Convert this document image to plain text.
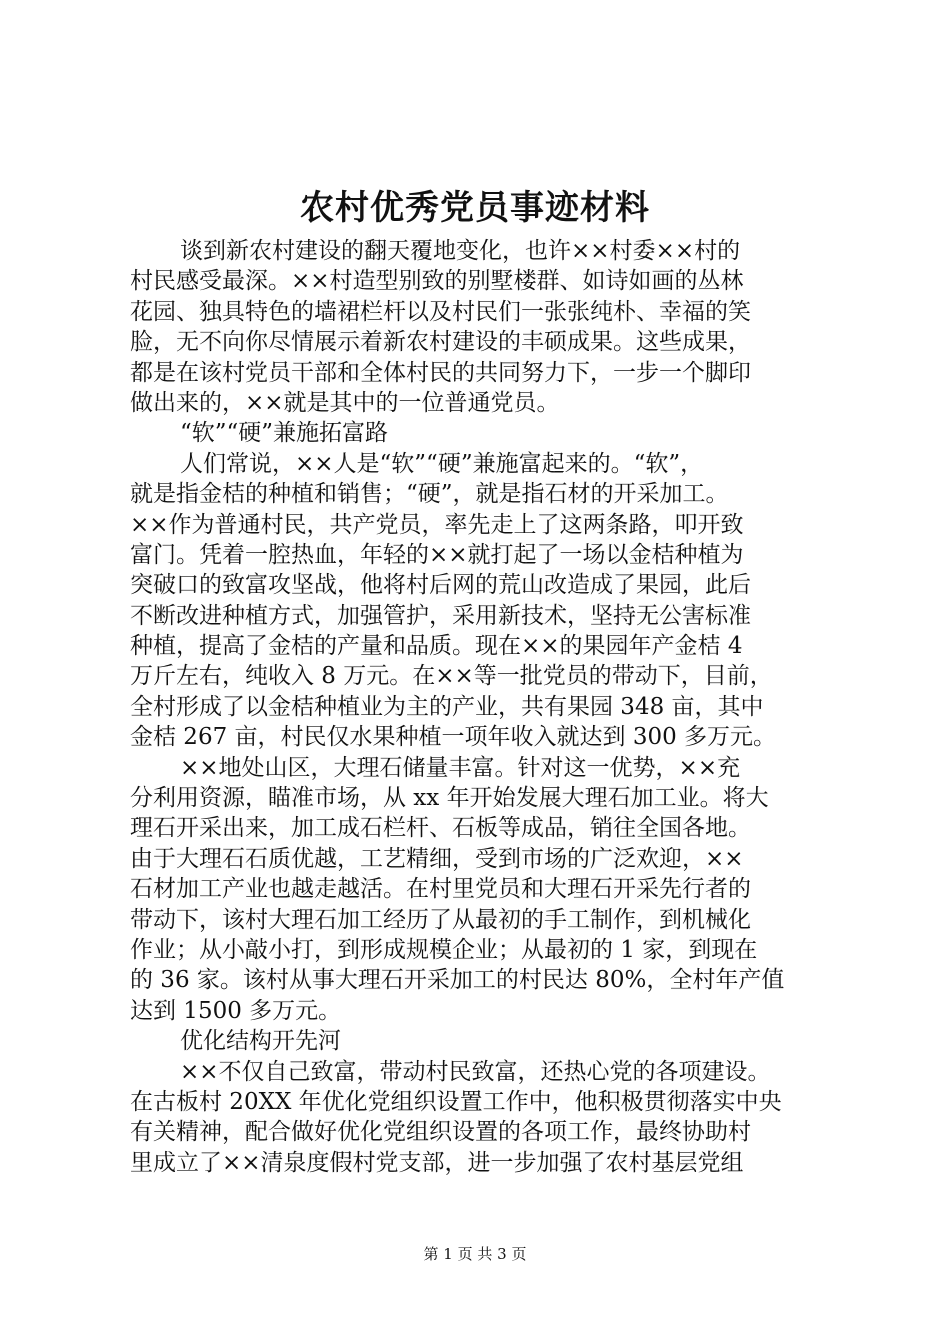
农村优秀党员事迹材料
谈到新农村建设的翻天覆地变化，也许××村委××村的
村民感受最深。××村造型别致的别墅楼群、如诗如画的丛林
花园、独具特色的墙裙栏杆以及村民们一张张纯朴、幸福的笑
脸，无不向你尽情展示着新农村建设的丰硕成果。这些成果，
都是在该村党员干部和全体村民的共同努力下，一步一个脚印
做出来的，××就是其中的一位普通党员。
“软”“硬”兼施拓富路
人们常说，××人是“软”“硬”兼施富起来的。“软”，
就是指金桔的种植和销售；“硬”，就是指石材的开采加工。
××作为普通村民，共产党员，率先走上了这两条路，叩开致
富门。凭着一腔热血，年轻的××就打起了一场以金桔种植为
突破口的致富攻坚战，他将村后网的荒山改造成了果园，此后
不断改进种植方式，加强管护，采用新技术，坚持无公害标准
种植，提高了金桔的产量和品质。现在××的果园年产金桔 4
万斤左右，纯收入 8 万元。在××等一批党员的带动下，目前，
全村形成了以金桔种植业为主的产业，共有果园 348 亩，其中
金桔 267 亩，村民仅水果种植一项年收入就达到 300 多万元。
××地处山区，大理石储量丰富。针对这一优势，××充
分利用资源，瞄准市场，从 xx 年开始发展大理石加工业。将大
理石开采出来，加工成石栏杆、石板等成品，销往全国各地。
由于大理石石质优越，工艺精细，受到市场的广泛欢迎，××
石材加工产业也越走越活。在村里党员和大理石开采先行者的
带动下，该村大理石加工经历了从最初的手工制作，到机械化
作业；从小敲小打，到形成规模企业；从最初的 1 家，到现在
的 36 家。该村从事大理石开采加工的村民达 80%，全村年产值
达到 1500 多万元。
优化结构开先河
××不仅自己致富，带动村民致富，还热心党的各项建设。
在古板村 20XX 年优化党组织设置工作中，他积极贯彻落实中央
有关精神，配合做好优化党组织设置的各项工作，最终协助村
里成立了××清泉度假村党支部，进一步加强了农村基层党组
第 1 页 共 3 页
